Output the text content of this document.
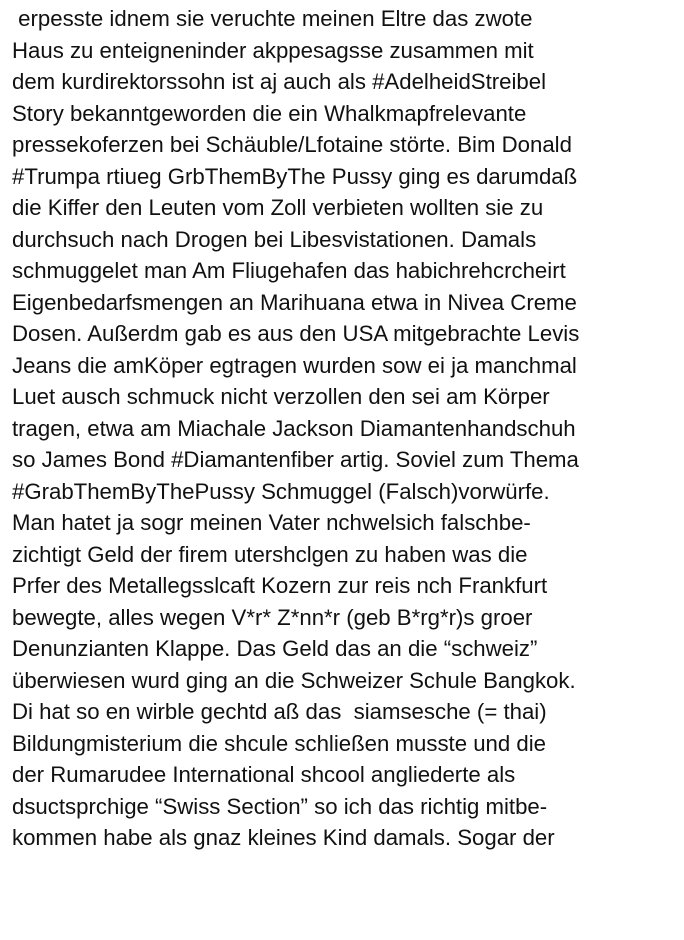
erpesste idnem sie veruchte meinen Eltre das zwote
Haus zu enteigneninder akppesagsse zusammen mit
dem kurdirektorssohn ist aj auch als #AdelheidStreibel
Story bekanntgeworden die ein Whalkmapfrelevante
pressekoferzen bei Schäuble/Lfotaine störte. Bim Donald
#Trumpa rtiueg GrbThemByThe Pussy ging es darumdaß
die Kiffer den Leuten vom Zoll verbieten wollten sie zu
durchsuch nach Drogen bei Libesvistationen. Damals
schmuggelet man Am Fliugehafen das habichrehcrcheirt
Eigenbedarfsmengen an Marihuana etwa in Nivea Creme
Dosen. Außerdm gab es aus den USA mitgebrachte Levis
Jeans die amKöper egtragen wurden sow ei ja manchmal
Luet ausch schmuck nicht verzollen den sei am Körper
tragen, etwa am Miachale Jackson Diamantenhandschuh
so James Bond #Diamantenfiber artig. Soviel zum Thema
#GrabThemByThePussy Schmuggel (Falsch)vorwürfe.
Man hatet ja sogr meinen Vater nchwelsich falschbe-
zichtigt Geld der firem utershclgen zu haben was die
Prfer des Metallegsslcaft Kozern zur reis nch Frankfurt
bewegte, alles wegen V*r* Z*nn*r (geb B*rg*r)s groer
Denunzianten Klappe. Das Geld das an die “schweiz”
überwiesen wurd ging an die Schweizer Schule Bangkok.
Di hat so en wirble gechtd aß das  siamsesche (= thai)
Bildungmisterium die shcule schließen musste und die
der Rumarudee International shcool angliederte als
dsuctsprchige “Swiss Section” so ich das richtig mitbe-
kommen habe als gnaz kleines Kind damals. Sogar der
